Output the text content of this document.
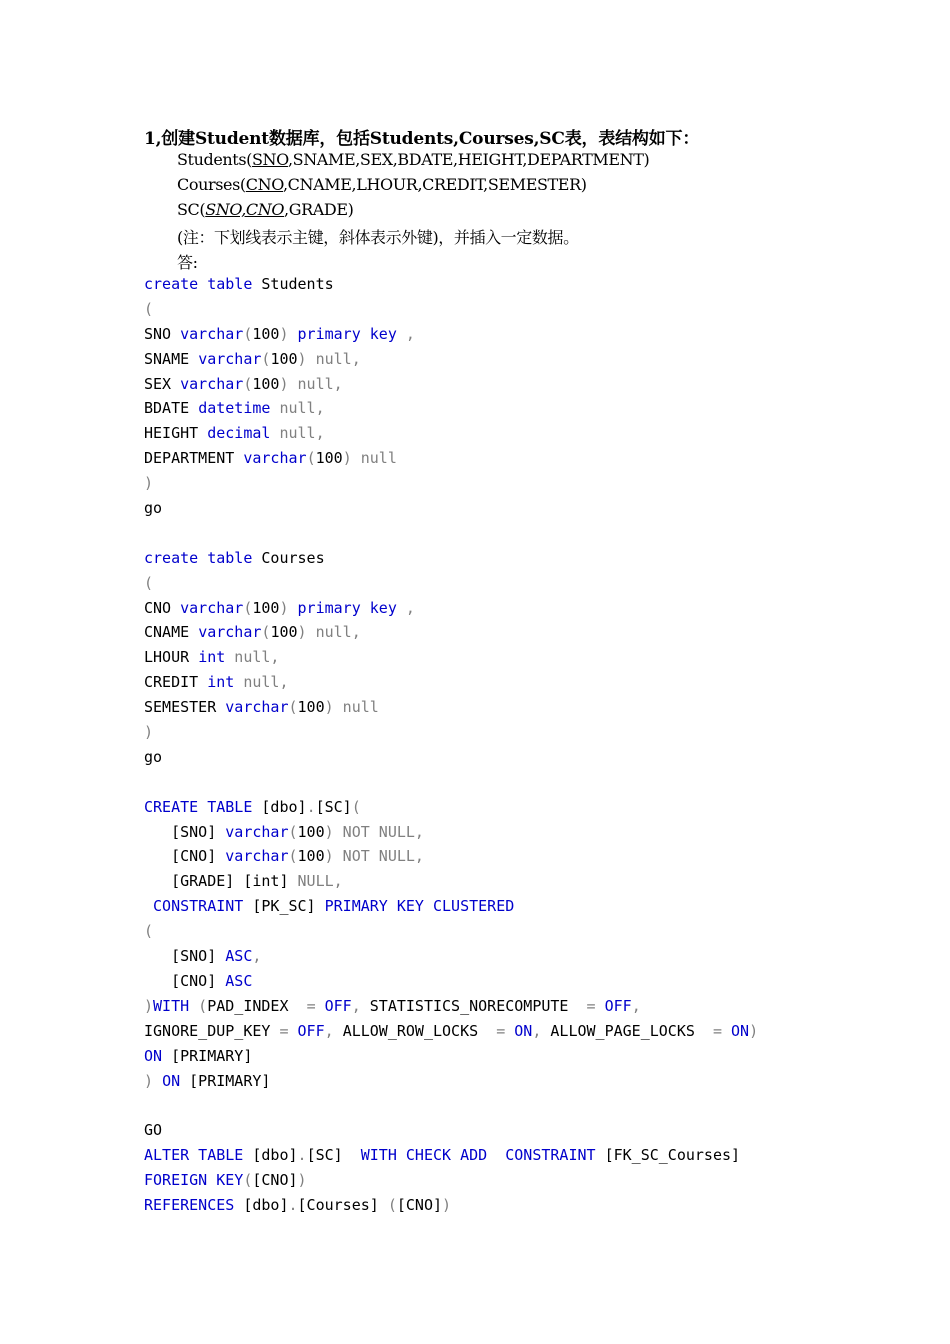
1,创建Student数据库，包括Students,Courses,SC表，表结构如下：
Students(SNO,SNAME,SEX,BDATE,HEIGHT,DEPARTMENT)
Courses(CNO,CNAME,LHOUR,CREDIT,SEMESTER)
SC(SNO,CNO,GRADE)
(注：下划线表示主键，斜体表示外键)，并插入一定数据。
答:
create table Students
(
SNO varchar(100) primary key ,
SNAME varchar(100) null,
SEX varchar(100) null,
BDATE datetime null,
HEIGHT decimal null,
DEPARTMENT varchar(100) null
)
go

create table Courses
(
CNO varchar(100) primary key ,
CNAME varchar(100) null,
LHOUR int null,
CREDIT int null,
SEMESTER varchar(100) null
)
go

CREATE TABLE [dbo].[SC](
[SNO] varchar(100) NOT NULL,
[CNO] varchar(100) NOT NULL,
[GRADE] [int] NULL,
CONSTRAINT [PK_SC] PRIMARY KEY CLUSTERED
(
[SNO] ASC,
[CNO] ASC
)WITH (PAD_INDEX  = OFF, STATISTICS_NORECOMPUTE  = OFF,
IGNORE_DUP_KEY = OFF, ALLOW_ROW_LOCKS  = ON, ALLOW_PAGE_LOCKS  = ON)
ON [PRIMARY]
) ON [PRIMARY]

GO
ALTER TABLE [dbo].[SC]  WITH CHECK ADD  CONSTRAINT [FK_SC_Courses]
FOREIGN KEY([CNO])
REFERENCES [dbo].[Courses] ([CNO])
